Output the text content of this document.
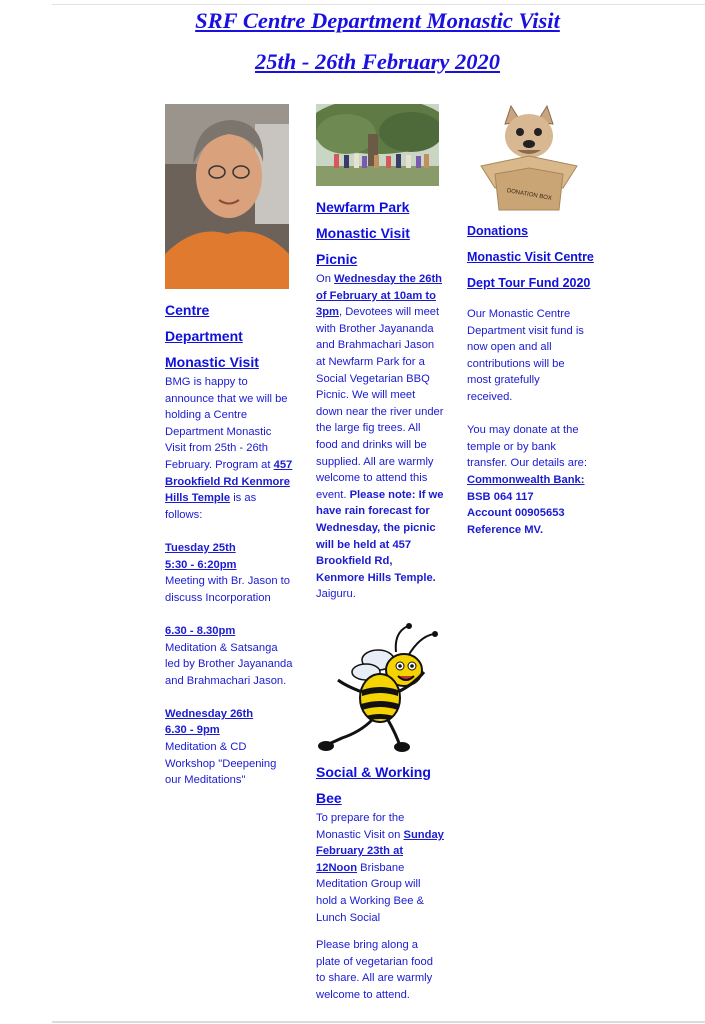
SRF Centre Department Monastic Visit
25th - 26th February 2020
Centre
Department
Monastic Visit

BMG is happy to announce that we will be holding a Centre Department Monastic Visit from 25th - 26th February. Program at 457 Brookfield Rd Kenmore Hills Temple is as follows:

Tuesday 25th

5:30 - 6:20pm

Meeting with Br. Jason to discuss Incorporation

6.30 - 8.30pm

Meditation & Satsanga led by Brother Jayananda and Brahmachari Jason.

Wednesday 26th

6.30 - 9pm

Meditation & CD Workshop "Deepening our Meditations"

Newfarm Park
Monastic Visit Picnic

On Wednesday the 26th of February at 10am to 3pm, Devotees will meet with Brother Jayananda and Brahmachari Jason at Newfarm Park for a Social Vegetarian BBQ Picnic. We will meet down near the river under the large fig trees. All food and drinks will be supplied. All are warmly welcome to attend this event. Please note: If we have rain forecast for Wednesday, the picnic will be held at 457 Brookfield Rd, Kenmore Hills Temple. Jaiguru.

Social & Working
Bee

To prepare for the Monastic Visit on Sunday February 23th at 12Noon Brisbane Meditation Group will hold a Working Bee & Lunch Social

Please bring along a plate of vegetarian food to share. All are warmly welcome to attend.

DONATION BOX
Donations
Monastic Visit Centre
Dept Tour Fund 2020

Our Monastic Centre Department visit fund is now open and all contributions will be most gratefully received.

You may donate at the temple or by bank transfer. Our details are: Commonwealth Bank:

BSB 064 117

Account 00905653

Reference MV.
